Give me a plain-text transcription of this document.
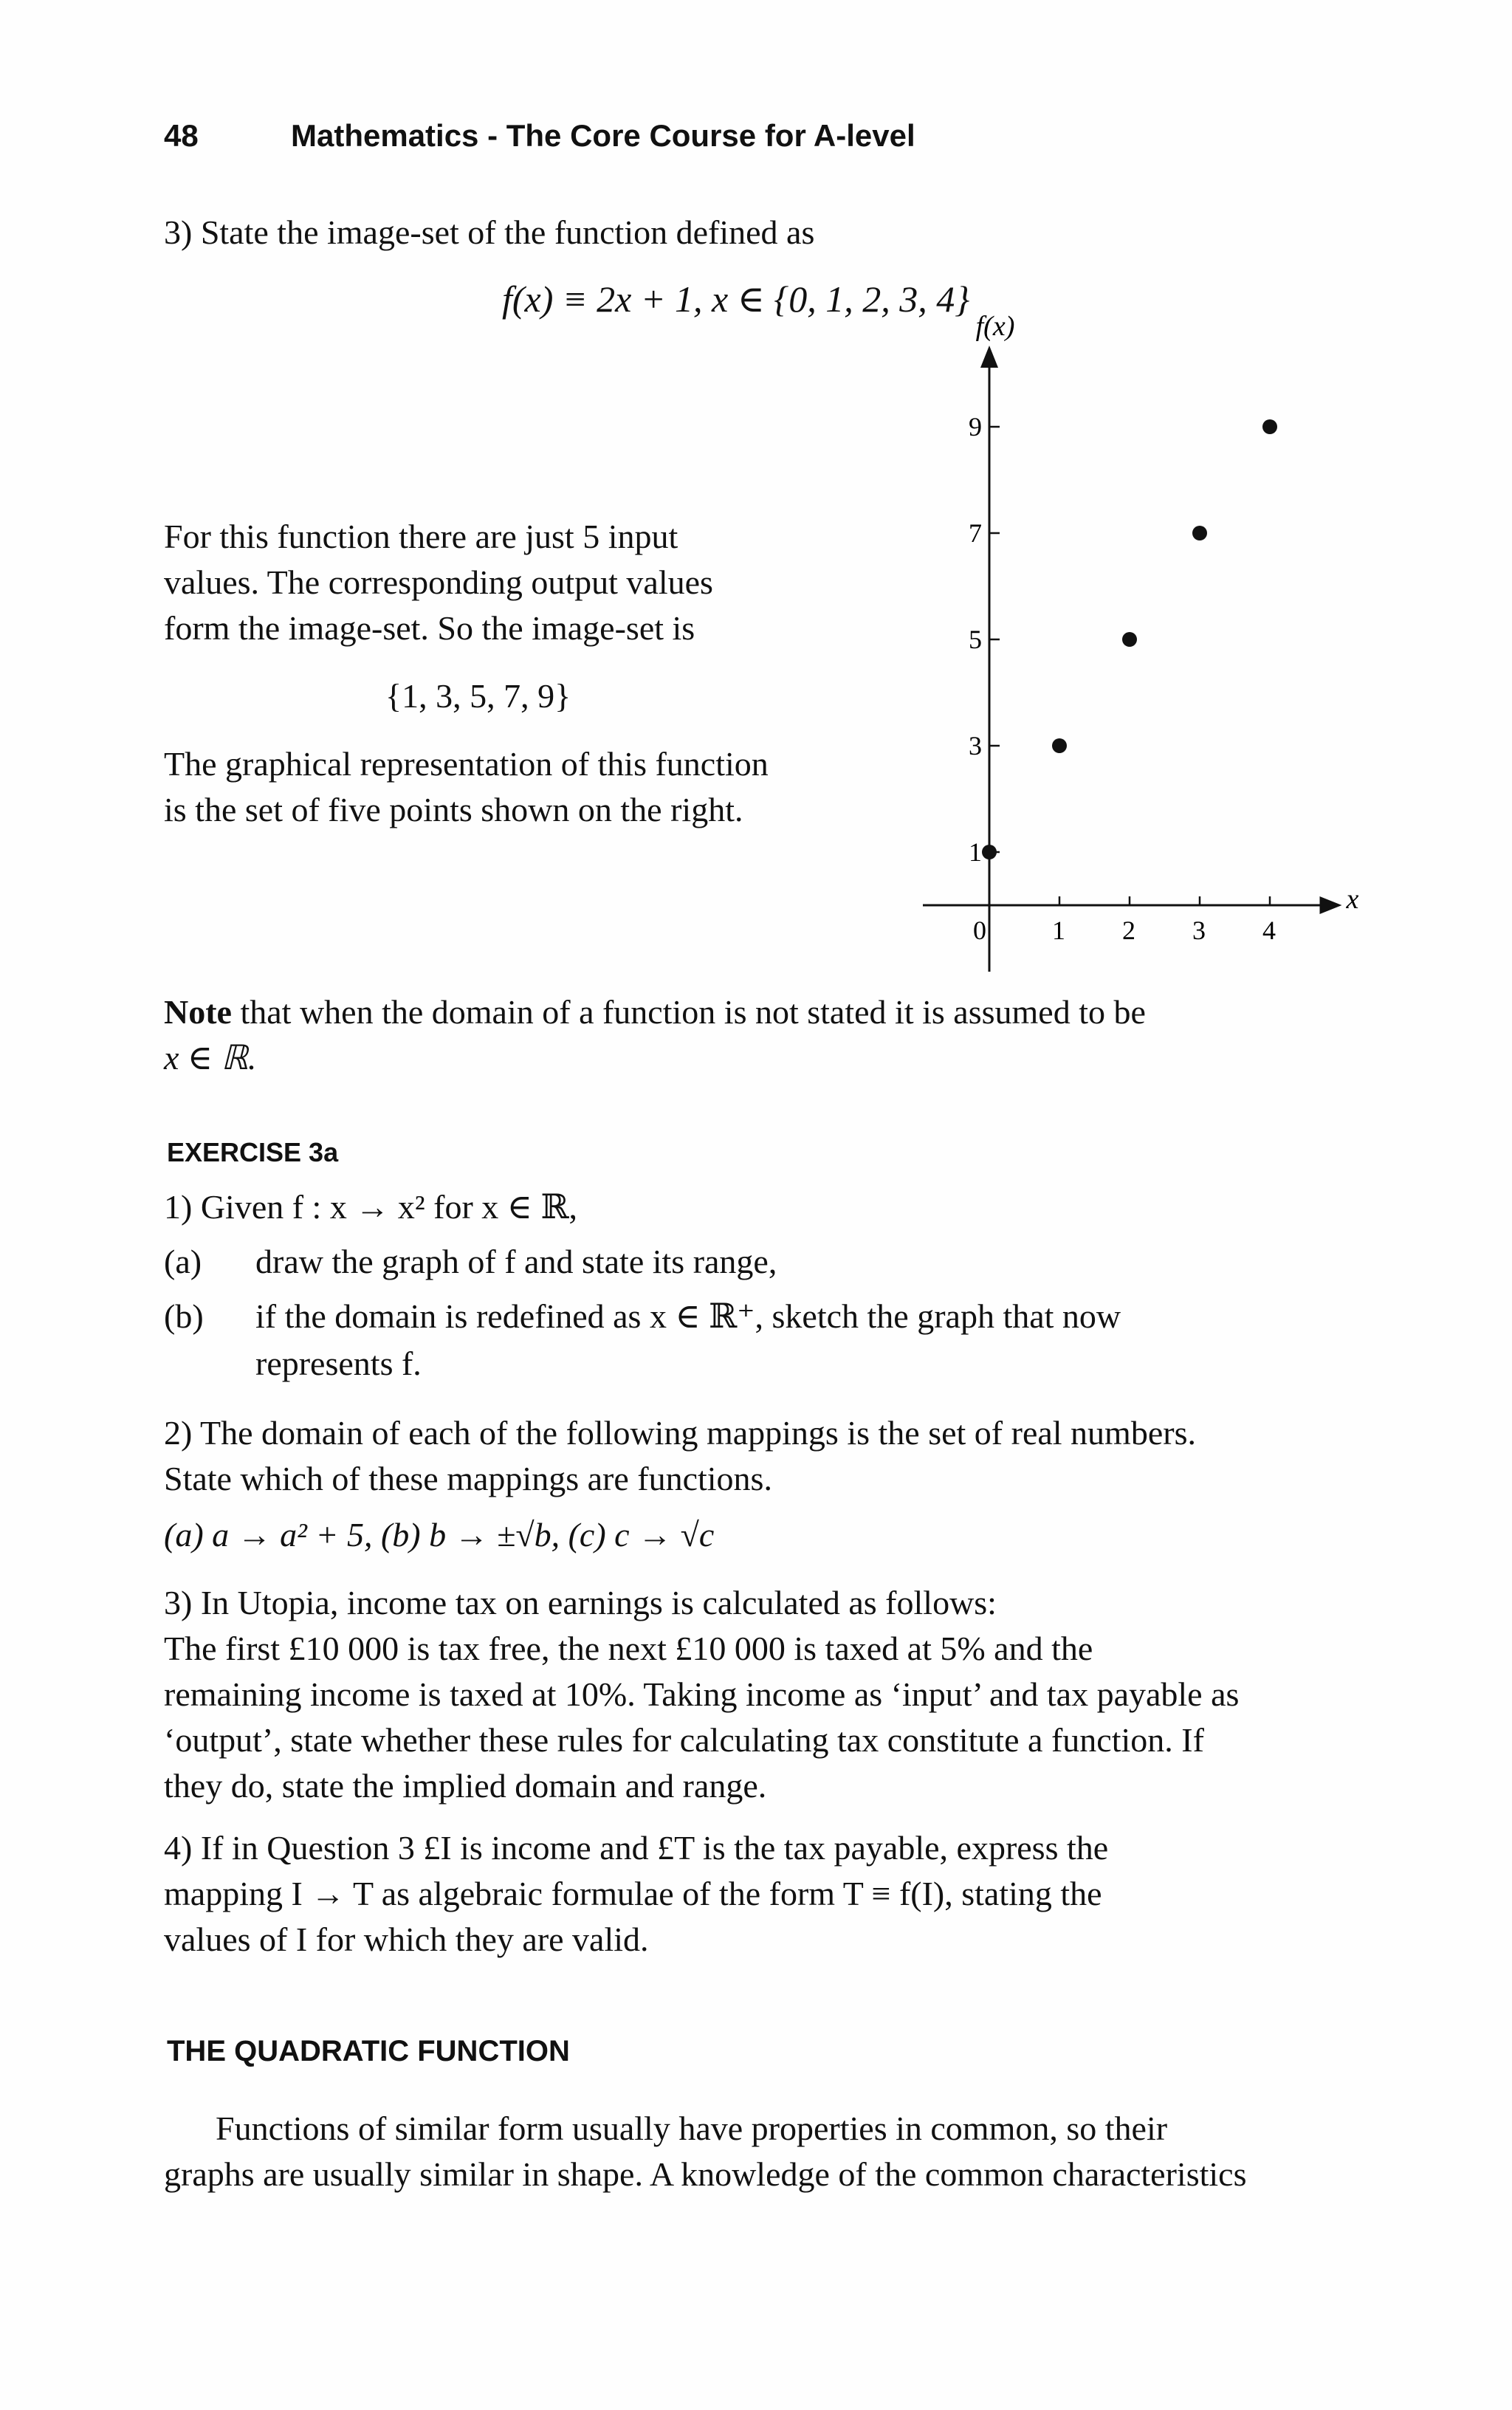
48	Mathematics - The Core Course for A-level
3) State the image-set of the function defined as
f(x) ≡ 2x + 1, x ∈ {0, 1, 2, 3, 4}
For this function there are just 5 input
values. The corresponding output values
form the image-set. So the image-set is
{1, 3, 5, 7, 9}
The graphical representation of this function
is the set of five points shown on the right.
f(x)
x
0 1 2 3 4
1
3
5
7
9
Note that when the domain of a function is not stated it is assumed to be
x ∈ ℝ.
EXERCISE 3a
1) Given f : x → x² for x ∈ ℝ,
(a) draw the graph of f and state its range,
(b) if the domain is redefined as x ∈ ℝ⁺, sketch the graph that now
represents f.
2) The domain of each of the following mappings is the set of real numbers.
State which of these mappings are functions.
(a) a → a² + 5, (b) b → ±√b, (c) c → √c
3) In Utopia, income tax on earnings is calculated as follows:
The first £10 000 is tax free, the next £10 000 is taxed at 5% and the
remaining income is taxed at 10%. Taking income as ‘input’ and tax payable as
‘output’, state whether these rules for calculating tax constitute a function. If
they do, state the implied domain and range.
4) If in Question 3 £I is income and £T is the tax payable, express the
mapping I → T as algebraic formulae of the form T ≡ f(I), stating the
values of I for which they are valid.
THE QUADRATIC FUNCTION
Functions of similar form usually have properties in common, so their
graphs are usually similar in shape. A knowledge of the common characteristics
